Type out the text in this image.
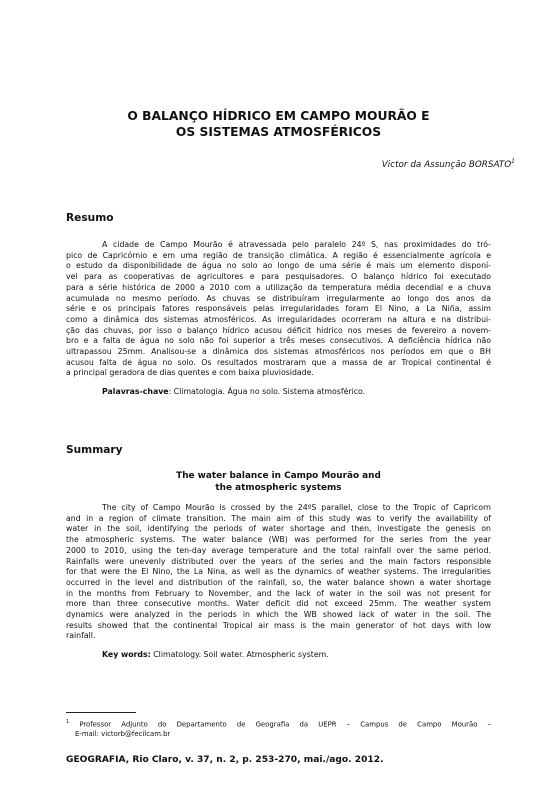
O BALANÇO HÍDRICO EM CAMPO MOURÃO E
OS SISTEMAS ATMOSFÉRICOS
Victor da Assunção BORSATO$^1$
Resumo
A cidade de Campo Mourão é atravessada pelo paralelo 24º S, nas proximidades do tró-
pico de Capricórnio e em uma região de transição climática. A região é essencialmente agrícola e
o estudo da disponibilidade de água no solo ao longo de uma série é mais um elemento disponí-
vel para as cooperativas de agricultores e para pesquisadores. O balanço hídrico foi executado
para a série histórica de 2000 a 2010 com a utilização da temperatura média decendial e a chuva
acumulada no mesmo período. As chuvas se distribuíram irregularmente ao longo dos anos da
série e os principais fatores responsáveis pelas irregularidades foram El Nino, a La Niña, assim
como a dinâmica dos sistemas atmosféricos. As irregularidades ocorreram na altura e na distribui-
ção das chuvas, por isso o balanço hídrico acusou déficit hídrico nos meses de fevereiro a novem-
bro e a falta de água no solo não foi superior a três meses consecutivos. A deficiência hídrica não
ultrapassou 25mm. Analisou-se a dinâmica dos sistemas atmosféricos nos períodos em que o BH
acusou falta de água no solo. Os resultados mostraram que a massa de ar Tropical continental é
a principal geradora de dias quentes e com baixa pluviosidade.
Palavras-chave: Climatologia. Água no solo. Sistema atmosférico.
Summary
The water balance in Campo Mourão and
the atmospheric systems
The city of Campo Mourão is crossed by the 24ºS parallel, close to the Tropic of Capricorn
and in a region of climate transition. The main aim of this study was to verify the availability of
water in the soil, identifying the periods of water shortage and then, investigate the genesis on
the atmospheric systems. The water balance (WB) was performed for the series from the year
2000 to 2010, using the ten-day average temperature and the total rainfall over the same period.
Rainfalls were unevenly distributed over the years of the series and the main factors responsible
for that were the El Nino, the La Nina, as well as the dynamics of weather systems. The irregularities
occurred in the level and distribution of the rainfall, so, the water balance shown a water shortage
in the months from February to November, and the lack of water in the soil was not present for
more than three consecutive months. Water deficit did not exceed 25mm. The weather system
dynamics were analyzed in the periods in which the WB showed lack of water in the soil. The
results showed that the continental Tropical air mass is the main generator of hot days with low
rainfall.
Key words: Climatology. Soil water. Atmospheric system.
$^1$ Professor Adjunto do Departamento de Geografia da UEPR – Campus de Campo Mourão –
E-mail: victorb@fecilcam.br
GEOGRAFIA, Rio Claro, v. 37, n. 2, p. 253-270, mai./ago. 2012.
